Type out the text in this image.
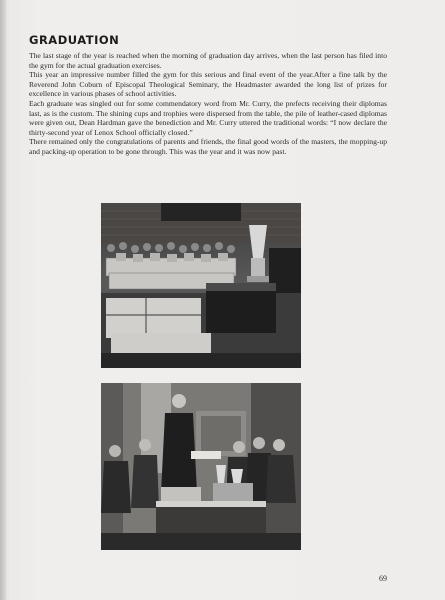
GRADUATION

The last stage of the year is reached when the morning of graduation day arrives, when the last person has filed into the gym for the actual graduation exercises.

This year an impressive number filled the gym for this serious and final event of the year.After a fine talk by the Reverend John Coburn of Episcopal Theological Seminary, the Headmaster awarded the long list of prizes for excellence in various phases of school activities.

Each graduate was singled out for some commendatory word from Mr. Curry, the prefects receiving their diplomas last, as is the custom. The shining cups and trophies were dispersed from the table, the pile of leather-cased diplomas were given out, Dean Hardman gave the benediction and Mr. Curry uttered the traditional words: “I now declare the thirty-second year of Lenox School officially closed.”

There remained only the congratulations of parents and friends, the final good words of the masters, the mopping-up and packing-up operation to be gone through. This was the year and it was now past.

69
